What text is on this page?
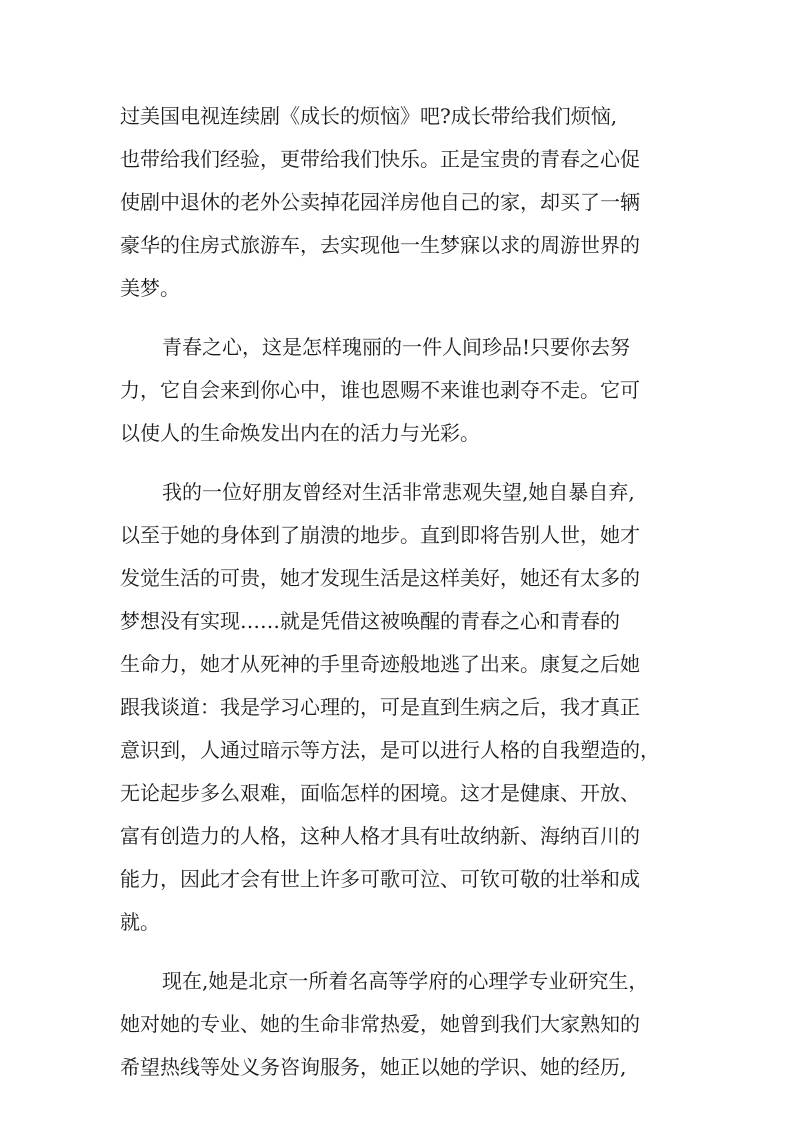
过美国电视连续剧《成长的烦恼》吧?成长带给我们烦恼,
也带给我们经验，更带给我们快乐。正是宝贵的青春之心促
使剧中退休的老外公卖掉花园洋房他自己的家，却买了一辆
豪华的住房式旅游车，去实现他一生梦寐以求的周游世界的
美梦。
青春之心，这是怎样瑰丽的一件人间珍品!只要你去努
力，它自会来到你心中，谁也恩赐不来谁也剥夺不走。它可
以使人的生命焕发出内在的活力与光彩。
我的一位好朋友曾经对生活非常悲观失望,她自暴自弃,
以至于她的身体到了崩溃的地步。直到即将告别人世，她才
发觉生活的可贵，她才发现生活是这样美好，她还有太多的
梦想没有实现……就是凭借这被唤醒的青春之心和青春的
生命力，她才从死神的手里奇迹般地逃了出来。康复之后她
跟我谈道：我是学习心理的，可是直到生病之后，我才真正
意识到，人通过暗示等方法，是可以进行人格的自我塑造的，
无论起步多么艰难，面临怎样的困境。这才是健康、开放、
富有创造力的人格，这种人格才具有吐故纳新、海纳百川的
能力，因此才会有世上许多可歌可泣、可钦可敬的壮举和成
就。
现在,她是北京一所着名高等学府的心理学专业研究生，
她对她的专业、她的生命非常热爱，她曾到我们大家熟知的
希望热线等处义务咨询服务，她正以她的学识、她的经历,
